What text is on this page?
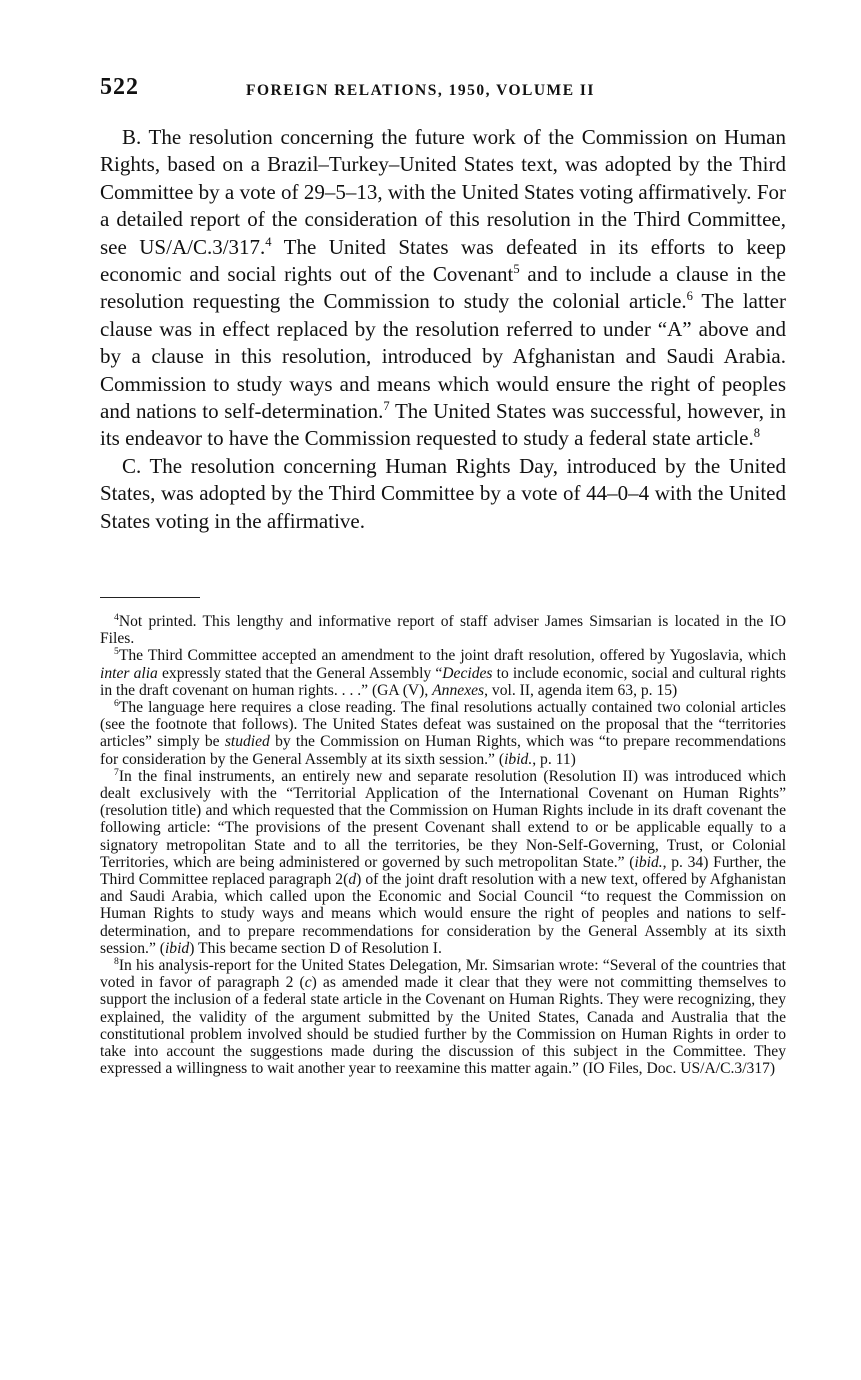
522	FOREIGN RELATIONS, 1950, VOLUME II

B. The resolution concerning the future work of the Commission on Human Rights, based on a Brazil–Turkey–United States text, was adopted by the Third Committee by a vote of 29–5–13, with the United States voting affirmatively. For a detailed report of the consideration of this resolution in the Third Committee, see US/A/C.3/317.$^4$ The United States was defeated in its efforts to keep economic and social rights out of the Covenant$^5$ and to include a clause in the resolution requesting the Commission to study the colonial article.$^6$ The latter clause was in effect replaced by the resolution referred to under “A” above and by a clause in this resolution, introduced by Afghanistan and Saudi Arabia. Commission to study ways and means which would ensure the right of peoples and nations to self-determination.$^7$ The United States was successful, however, in its endeavor to have the Commission requested to study a federal state article.$^8$

C. The resolution concerning Human Rights Day, introduced by the United States, was adopted by the Third Committee by a vote of 44–0–4 with the United States voting in the affirmative.

$^4$Not printed. This lengthy and informative report of staff adviser James Simsarian is located in the IO Files.

$^5$The Third Committee accepted an amendment to the joint draft resolution, offered by Yugoslavia, which inter alia expressly stated that the General Assembly “Decides to include economic, social and cultural rights in the draft covenant on human rights. . . .” (GA (V), Annexes, vol. II, agenda item 63, p. 15)

$^6$The language here requires a close reading. The final resolutions actually contained two colonial articles (see the footnote that follows). The United States defeat was sustained on the proposal that the “territories articles” simply be studied by the Commission on Human Rights, which was “to prepare recommendations for consideration by the General Assembly at its sixth session.” (ibid., p. 11)

$^7$In the final instruments, an entirely new and separate resolution (Resolution II) was introduced which dealt exclusively with the “Territorial Application of the International Covenant on Human Rights” (resolution title) and which requested that the Commission on Human Rights include in its draft covenant the following article: “The provisions of the present Covenant shall extend to or be applicable equally to a signatory metropolitan State and to all the territories, be they Non-Self-Governing, Trust, or Colonial Territories, which are being administered or governed by such metropolitan State.” (ibid., p. 34) Further, the Third Committee replaced paragraph 2(d) of the joint draft resolution with a new text, offered by Afghanistan and Saudi Arabia, which called upon the Economic and Social Council “to request the Commission on Human Rights to study ways and means which would ensure the right of peoples and nations to self-determination, and to prepare recommendations for consideration by the General Assembly at its sixth session.” (ibid) This became section D of Resolution I.

$^8$In his analysis-report for the United States Delegation, Mr. Simsarian wrote: “Several of the countries that voted in favor of paragraph 2 (c) as amended made it clear that they were not committing themselves to support the inclusion of a federal state article in the Covenant on Human Rights. They were recognizing, they explained, the validity of the argument submitted by the United States, Canada and Australia that the constitutional problem involved should be studied further by the Commission on Human Rights in order to take into account the suggestions made during the discussion of this subject in the Committee. They expressed a willingness to wait another year to reexamine this matter again.” (IO Files, Doc. US/A/C.3/317)
